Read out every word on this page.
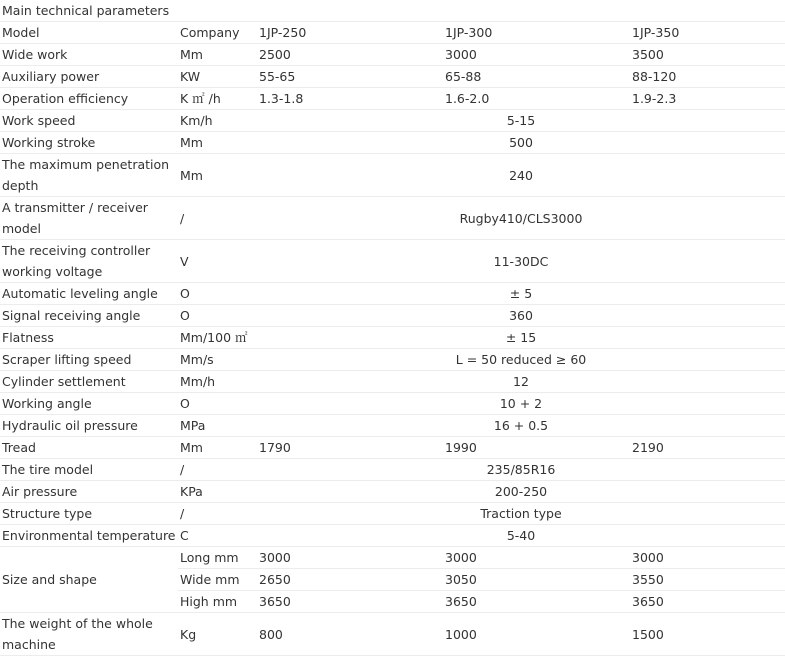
Main technical parameters				
Model	Company	1JP-250	1JP-300	1JP-350
Wide work	Mm	2500	3000	3500
Auxiliary power	KW	55-65	65-88	88-120
Operation efficiency	K ㎡ /h	1.3-1.8	1.6-2.0	1.9-2.3
Work speed	Km/h	5-15		
Working stroke	Mm	500		
The maximum penetration depth	Mm	240		
A transmitter / receiver model	/	Rugby410/CLS3000		
The receiving controller working voltage	V	11-30DC		
Automatic leveling angle	O	± 5		
Signal receiving angle	O	360		
Flatness	Mm/100 ㎡	± 15		
Scraper lifting speed	Mm/s	L = 50 reduced ≥ 60		
Cylinder settlement	Mm/h	12		
Working angle	O	10 + 2		
Hydraulic oil pressure	MPa	16 + 0.5		
Tread	Mm	1790	1990	2190
The tire model	/	235/85R16		
Air pressure	KPa	200-250		
Structure type	/	Traction type		
Environmental temperature	C	5-40		
Size and shape	Long mm	3000	3000	3000
	Wide mm	2650	3050	3550
	High mm	3650	3650	3650
The weight of the whole machine	Kg	800	1000	1500
